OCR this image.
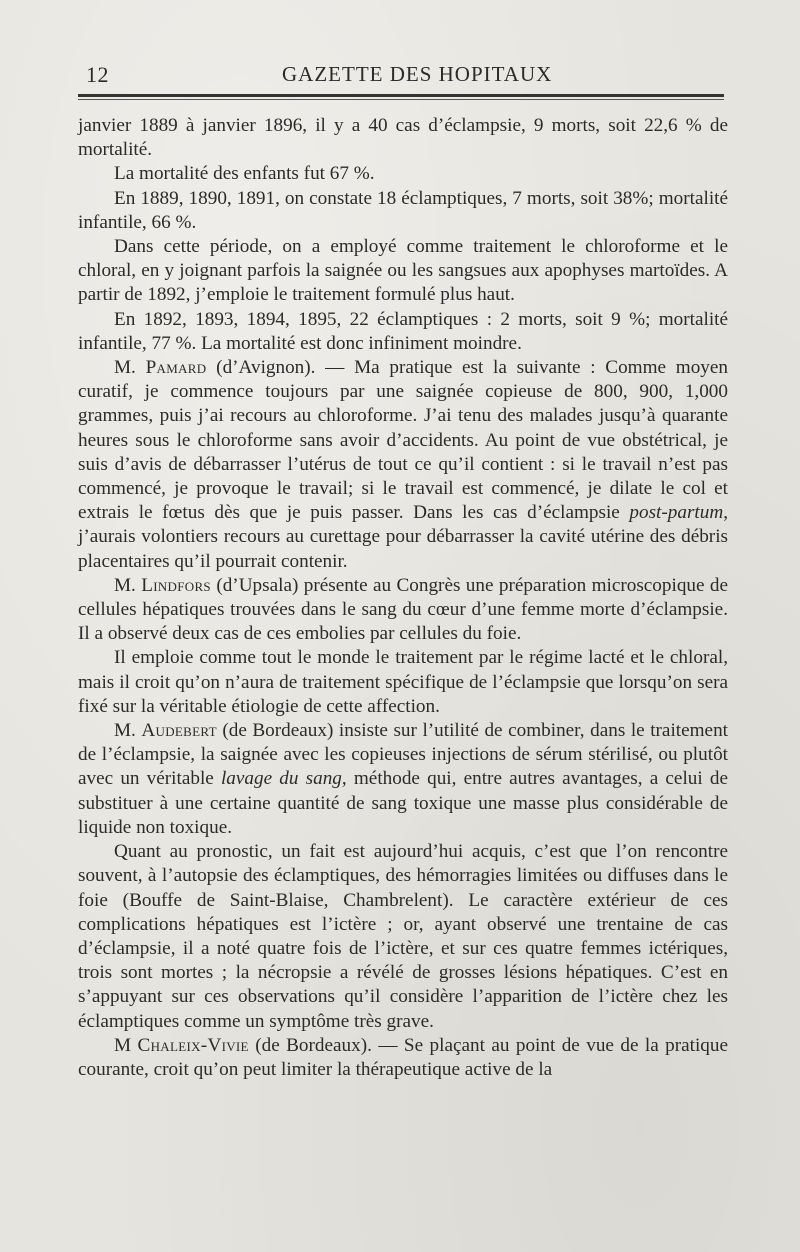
12	GAZETTE DES HOPITAUX

janvier 1889 à janvier 1896, il y a 40 cas d’éclampsie, 9 morts, soit 22,6 % de mortalité.

La mortalité des enfants fut 67 %.

En 1889, 1890, 1891, on constate 18 éclamptiques, 7 morts, soit 38%; mortalité infantile, 66 %.

Dans cette période, on a employé comme traitement le chloroforme et le chloral, en y joignant parfois la saignée ou les sangsues aux apophyses martoïdes. A partir de 1892, j’emploie le traitement formulé plus haut.

En 1892, 1893, 1894, 1895, 22 éclamptiques : 2 morts, soit 9 %; mortalité infantile, 77 %. La mortalité est donc infiniment moindre.

M. Pamard (d’Avignon). — Ma pratique est la suivante : Comme moyen curatif, je commence toujours par une saignée copieuse de 800, 900, 1,000 grammes, puis j’ai recours au chloroforme. J’ai tenu des malades jusqu’à quarante heures sous le chloroforme sans avoir d’accidents. Au point de vue obstétrical, je suis d’avis de débarrasser l’utérus de tout ce qu’il contient : si le travail n’est pas commencé, je provoque le travail; si le travail est commencé, je dilate le col et extrais le fœtus dès que je puis passer. Dans les cas d’éclampsie post-partum, j’aurais volontiers recours au curettage pour débarrasser la cavité utérine des débris placentaires qu’il pourrait contenir.

M. Lindfors (d’Upsala) présente au Congrès une préparation microscopique de cellules hépatiques trouvées dans le sang du cœur d’une femme morte d’éclampsie. Il a observé deux cas de ces embolies par cellules du foie.

Il emploie comme tout le monde le traitement par le régime lacté et le chloral, mais il croit qu’on n’aura de traitement spécifique de l’éclampsie que lorsqu’on sera fixé sur la véritable étiologie de cette affection.

M. Audebert (de Bordeaux) insiste sur l’utilité de combiner, dans le traitement de l’éclampsie, la saignée avec les copieuses injections de sérum stérilisé, ou plutôt avec un véritable lavage du sang, méthode qui, entre autres avantages, a celui de substituer à une certaine quantité de sang toxique une masse plus considérable de liquide non toxique.

Quant au pronostic, un fait est aujourd’hui acquis, c’est que l’on rencontre souvent, à l’autopsie des éclamptiques, des hémorragies limitées ou diffuses dans le foie (Bouffe de Saint-Blaise, Chambrelent). Le caractère extérieur de ces complications hépatiques est l’ictère ; or, ayant observé une trentaine de cas d’éclampsie, il a noté quatre fois de l’ictère, et sur ces quatre femmes ictériques, trois sont mortes ; la nécropsie a révélé de grosses lésions hépatiques. C’est en s’appuyant sur ces observations qu’il considère l’apparition de l’ictère chez les éclamptiques comme un symptôme très grave.

M Chaleix-Vivie (de Bordeaux). — Se plaçant au point de vue de la pratique courante, croit qu’on peut limiter la thérapeutique active de la
